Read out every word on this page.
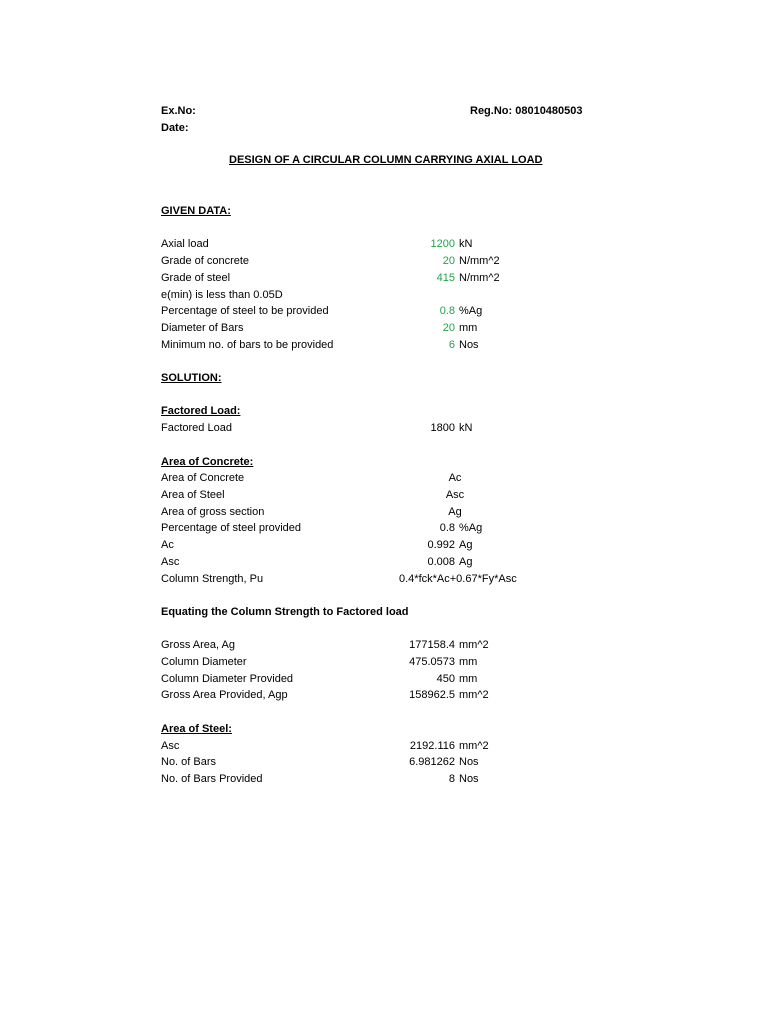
Ex.No:
Date:
Reg.No: 08010480503
DESIGN OF A CIRCULAR COLUMN CARRYING AXIAL LOAD
GIVEN DATA:
Axial load	1200 kN
Grade of concrete	20 N/mm^2
Grade of steel	415 N/mm^2
e(min) is less than 0.05D
Percentage of steel to be provided	0.8 %Ag
Diameter of Bars	20 mm
Minimum no. of bars to be provided	6 Nos
SOLUTION:
Factored Load:
Factored Load	1800 kN
Area of Concrete:
Area of Concrete	Ac
Area of Steel	Asc
Area of gross section	Ag
Percentage of steel provided	0.8 %Ag
Ac	0.992 Ag
Asc	0.008 Ag
Column Strength, Pu	0.4*fck*Ac+0.67*Fy*Asc
Equating the Column Strength to Factored load
Gross Area, Ag	177158.4 mm^2
Column Diameter	475.0573 mm
Column Diameter Provided	450 mm
Gross Area Provided, Agp	158962.5 mm^2
Area of Steel:
Asc	2192.116 mm^2
No. of Bars	6.981262 Nos
No. of Bars Provided	8 Nos
